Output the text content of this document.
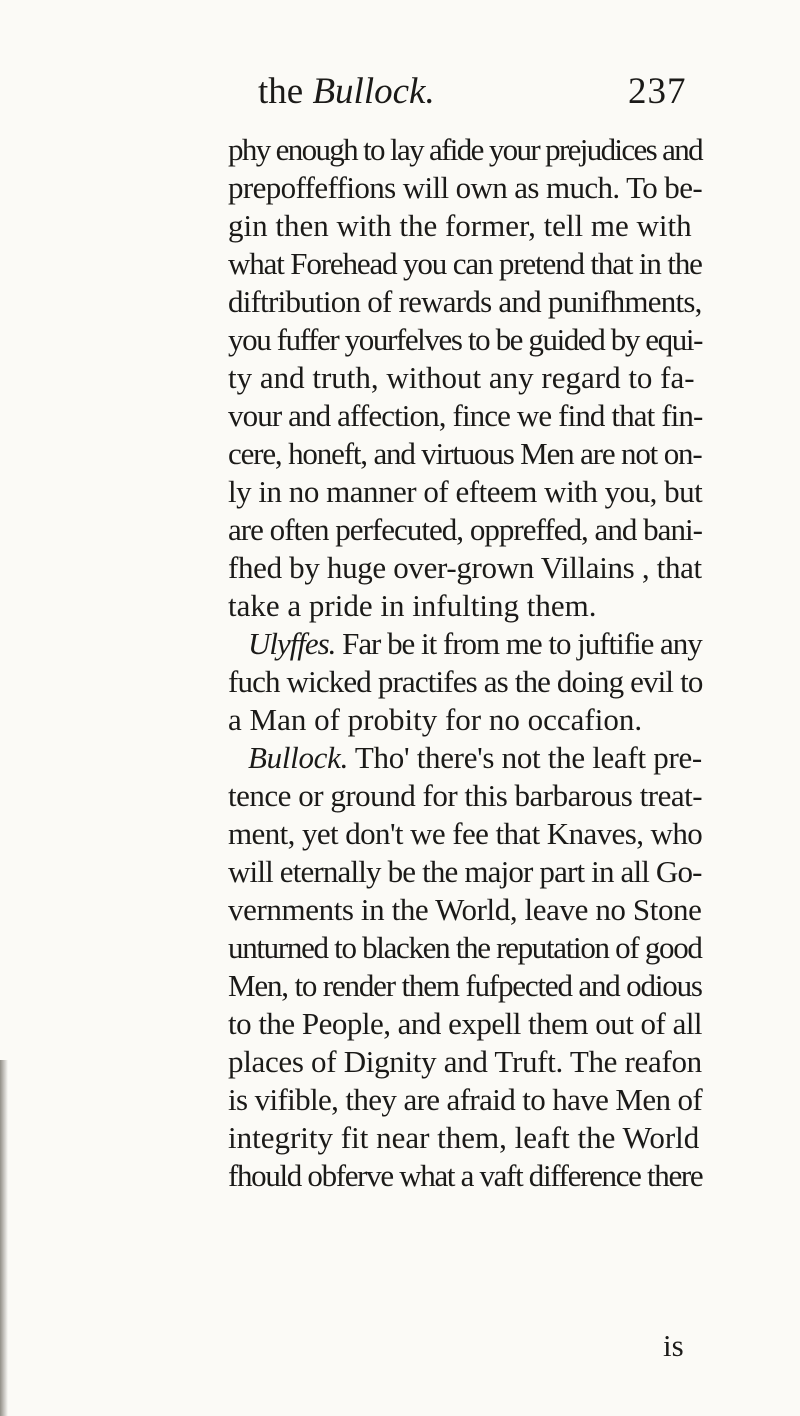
the Bullock.	237
phy enough to lay afide your prejudices and
prepoffeffions will own as much. To be-
gin then with the former, tell me with
what Forehead you can pretend that in the
diftribution of rewards and punifhments,
you fuffer yourfelves to be guided by equi-
ty and truth, without any regard to fa-
vour and affection, fince we find that fin-
cere, honeft, and virtuous Men are not on-
ly in no manner of efteem with you, but
are often perfecuted, oppreffed, and bani-
fhed by huge over-grown Villains , that
take a pride in infulting them.
Ulyffes. Far be it from me to juftifie any
fuch wicked practifes as the doing evil to
a Man of probity for no occafion.
Bullock. Tho' there's not the leaft pre-
tence or ground for this barbarous treat-
ment, yet don't we fee that Knaves, who
will eternally be the major part in all Go-
vernments in the World, leave no Stone
unturned to blacken the reputation of good
Men, to render them fufpected and odious
to the People, and expell them out of all
places of Dignity and Truft. The reafon
is vifible, they are afraid to have Men of
integrity fit near them, leaft the World
fhould obferve what a vaft difference there
is
